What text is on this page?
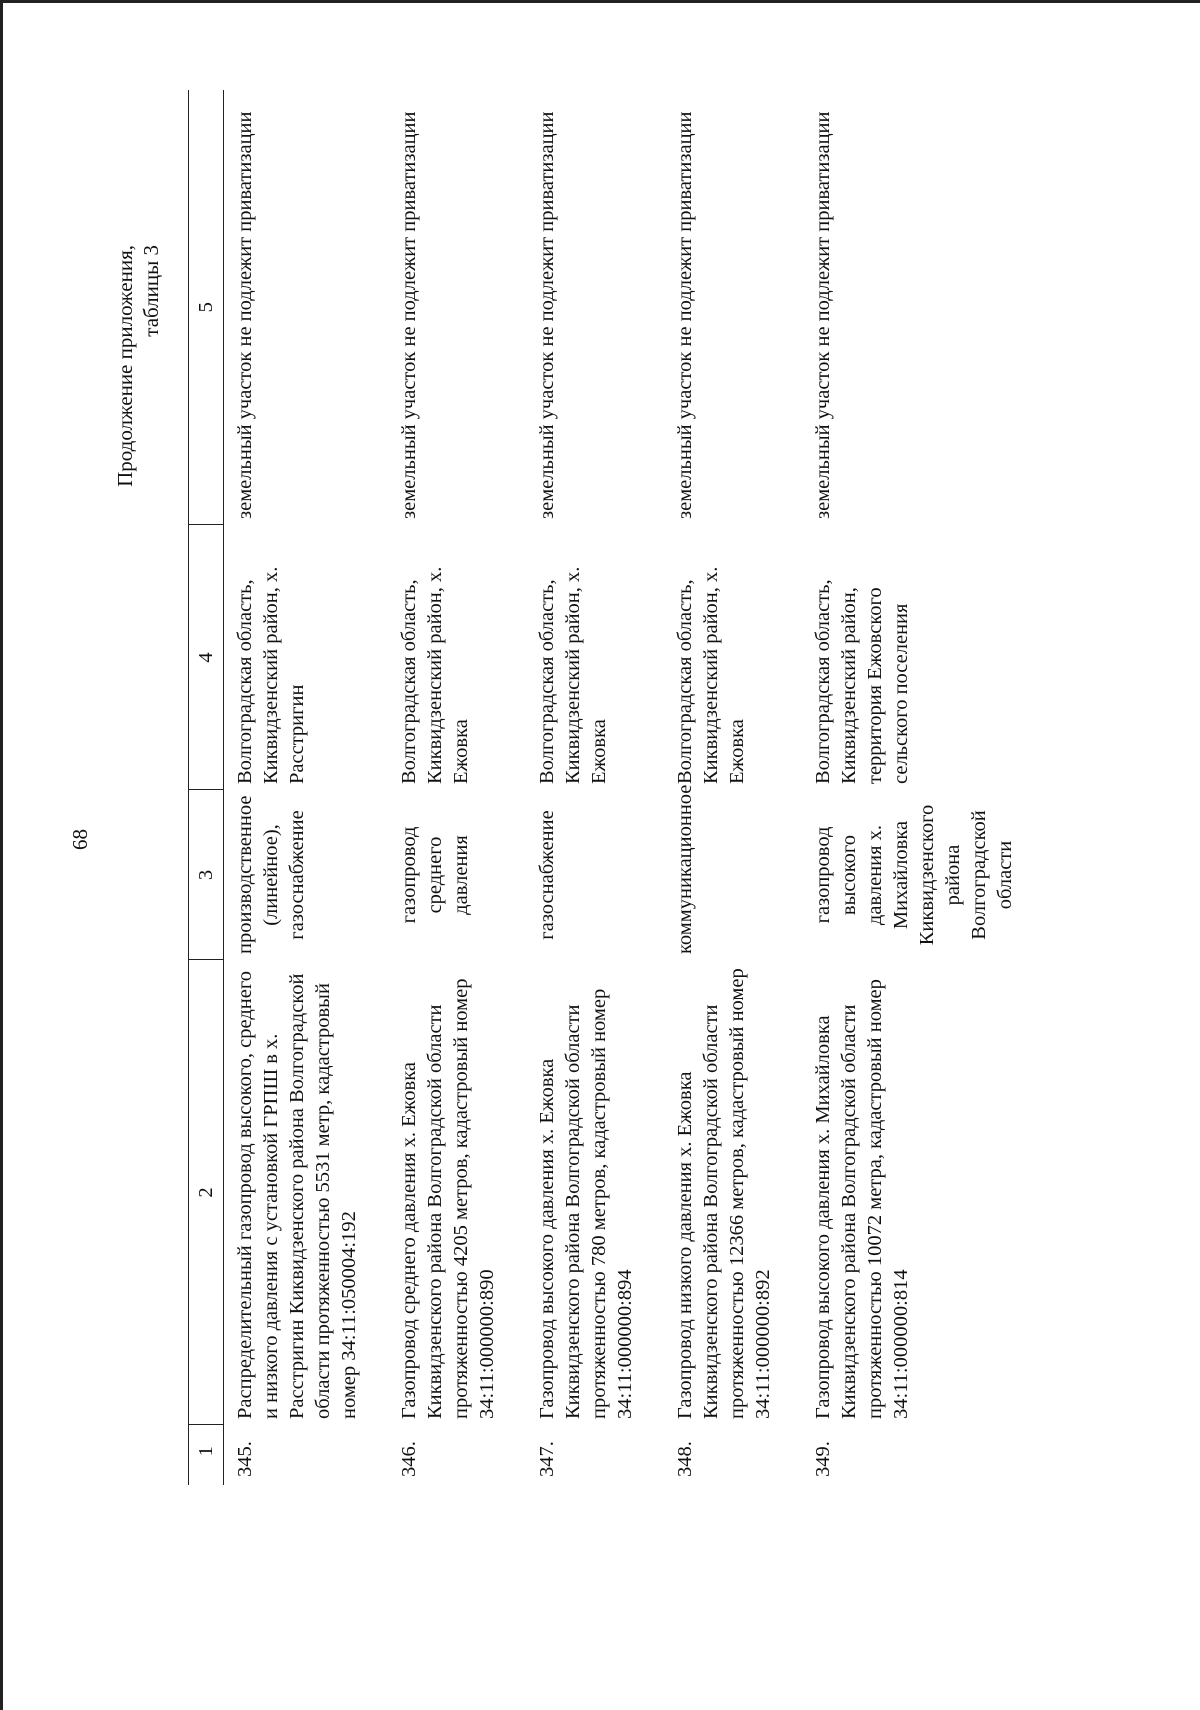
68
Продолжение приложения, таблицы 3
1	2	3	4	5
345.	Распределительный газопровод высокого, среднего и низкого давления с установкой ГРПШ в х. Расстригин Киквидзенского района Волгоградской области протяженностью 5531 метр, кадастровый номер 34:11:050004:192	производственное (линейное), газоснабжение	Волгоградская область, Киквидзенский район, х. Расстригин	земельный участок не подлежит приватизации

346.	Газопровод среднего давления х. Ежовка Киквидзенского района Волгоградской области протяженностью 4205 метров, кадастровый номер 34:11:000000:890	газопровод среднего давления	Волгоградская область, Киквидзенский район, х. Ежовка	земельный участок не подлежит приватизации

347.	Газопровод высокого давления х. Ежовка Киквидзенского района Волгоградской области протяженностью 780 метров, кадастровый номер 34:11:000000:894	газоснабжение	Волгоградская область, Киквидзенский район, х. Ежовка	земельный участок не подлежит приватизации

348.	Газопровод низкого давления х. Ежовка Киквидзенского района Волгоградской области протяженностью 12366 метров, кадастровый номер 34:11:000000:892	коммуникационное	Волгоградская область, Киквидзенский район, х. Ежовка	земельный участок не подлежит приватизации

349.	Газопровод высокого давления х. Михайловка Киквидзенского района Волгоградской области протяженностью 10072 метра, кадастровый номер 34:11:000000:814	газопровод высокого давления х. Михайловка Киквидзенского района Волгоградской области	Волгоградская область, Киквидзенский район, территория Ежовского сельского поселения	земельный участок не подлежит приватизации
